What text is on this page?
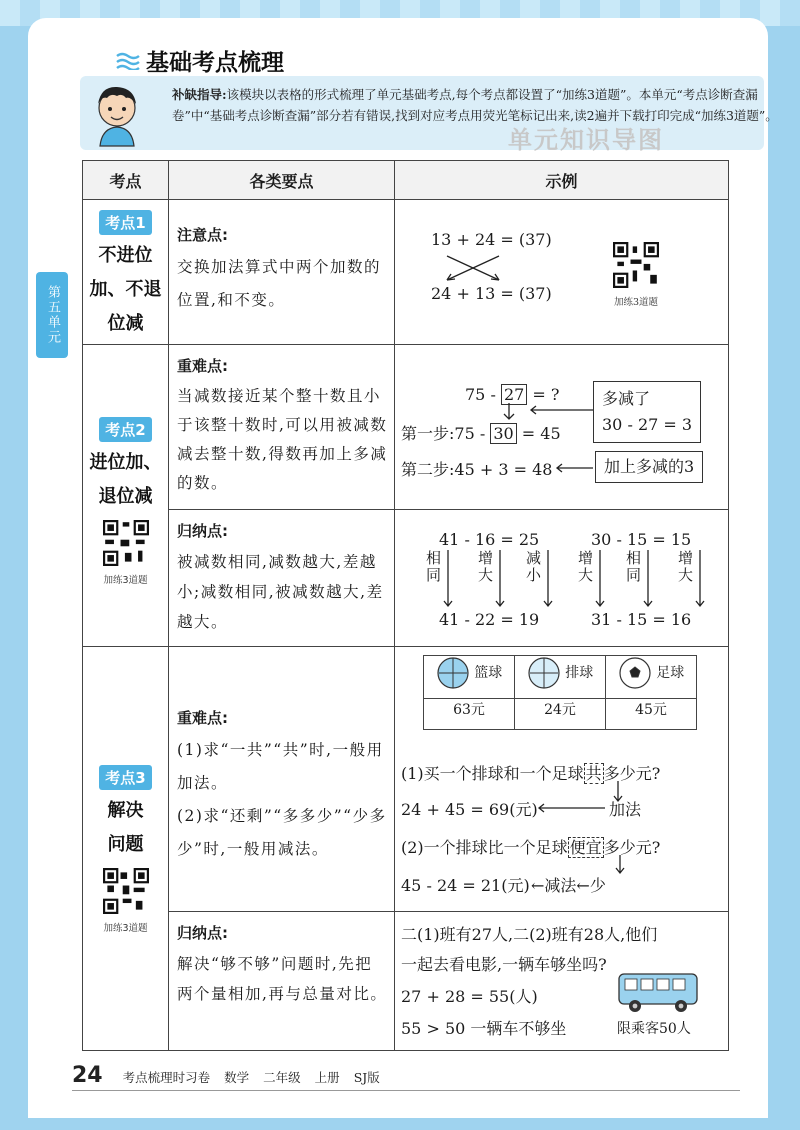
第五单元
基础考点梳理
补缺指导:该模块以表格的形式梳理了单元基础考点,每个考点都设置了“加练3道题”。本单元“考点诊断查漏卷”中“基础考点诊断查漏”部分若有错误,找到对应考点用荧光笔标记出来,读2遍并下载打印完成“加练3道题”。
单元知识导图
考点	各类要点	示例
考点1
不进位
加、不退
位减

注意点:
交换加法算式中两个加数的位置,和不变。

13 + 24 = (37)
24 + 13 = (37)	加练3道题

考点2
进位加、
退位减
加练3道题

重难点:
当减数接近某个整十数且小于该整十数时,可以用被减数减去整十数,得数再加上多减的数。

75 - 27 = ?
第一步:75 - 30 = 45
多减了
30 - 27 = 3
第二步:45 + 3 = 48	加上多减的3

归纳点:
被减数相同,减数越大,差越小;减数相同,被减数越大,差越大。

41 - 16 = 25
41 - 22 = 19
30 - 15 = 15
31 - 15 = 16
相同 增大 减小 增大 相同 增大

考点3
解决
问题
加练3道题

重难点:
(1)求“一共”“共”时,一般用加法。
(2)求“还剩”“多多少”“少多少”时,一般用减法。

篮球	排球	足球
63元	24元	45元
(1)买一个排球和一个足球 共 多少元?
24 + 45 = 69(元)	加法
(2)一个排球比一个足球 便宜 多少元?
45 - 24 = 21(元) ←减法←少

归纳点:
解决“够不够”问题时,先把两个量相加,再与总量对比。

二(1)班有27人,二(2)班有28人,他们
一起去看电影,一辆车够坐吗?
27 + 28 = 55(人)
55 > 50 一辆车不够坐	限乘客50人
24 考点梳理时习卷 数学 二年级 上册 SJ版
